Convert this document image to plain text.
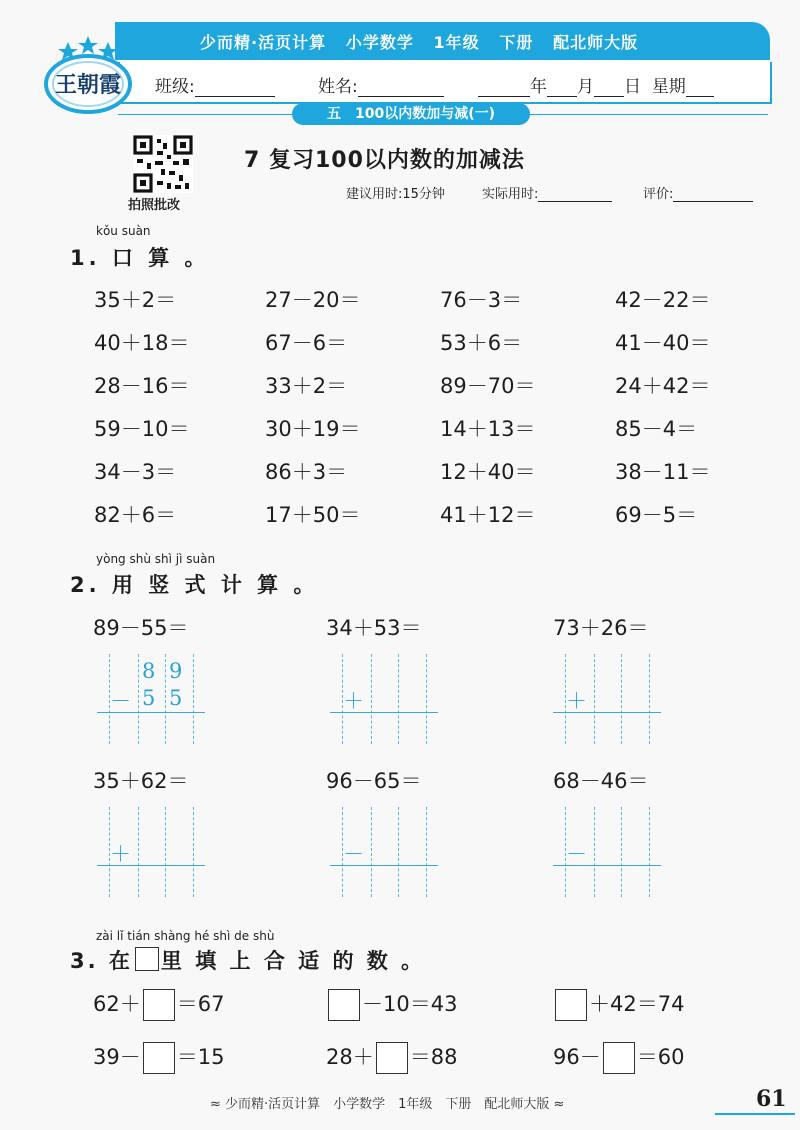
少而精·活页计算 小学数学 1年级 下册 配北师大版
王朝霞 班级:	姓名:	年 月 日 星期
五　100以内数加与减(一)
拍照批改
7 复习100以内数的加减法
建议用时:15分钟	实际用时:	评价:
kǒu suàn
1. 口 算 。
35＋2＝	27－20＝	76－3＝	42－22＝
40＋18＝	67－6＝	53＋6＝	41－40＝
28－16＝	33＋2＝	89－70＝	24＋42＝
59－10＝	30＋19＝	14＋13＝	85－4＝
34－3＝	86＋3＝	12＋40＝	38－11＝
82＋6＝	17＋50＝	41＋12＝	69－5＝
yòng shù shì jì suàn
2. 用 竖 式 计 算 。
89－55＝
－
8 9
5 5
34＋53＝
＋
73＋26＝
＋
35＋62＝
＋
96－65＝
－
68－46＝
－
zài lǐ tián shàng hé shì de shù
3. 在 里 填 上 合 适 的 数 。
62＋ ＝67	－10＝43	＋42＝74
39－ ＝15	28＋ ＝88	96－ ＝60
≈ 少而精·活页计算　小学数学　1年级　下册　配北师大版 ≈	61
